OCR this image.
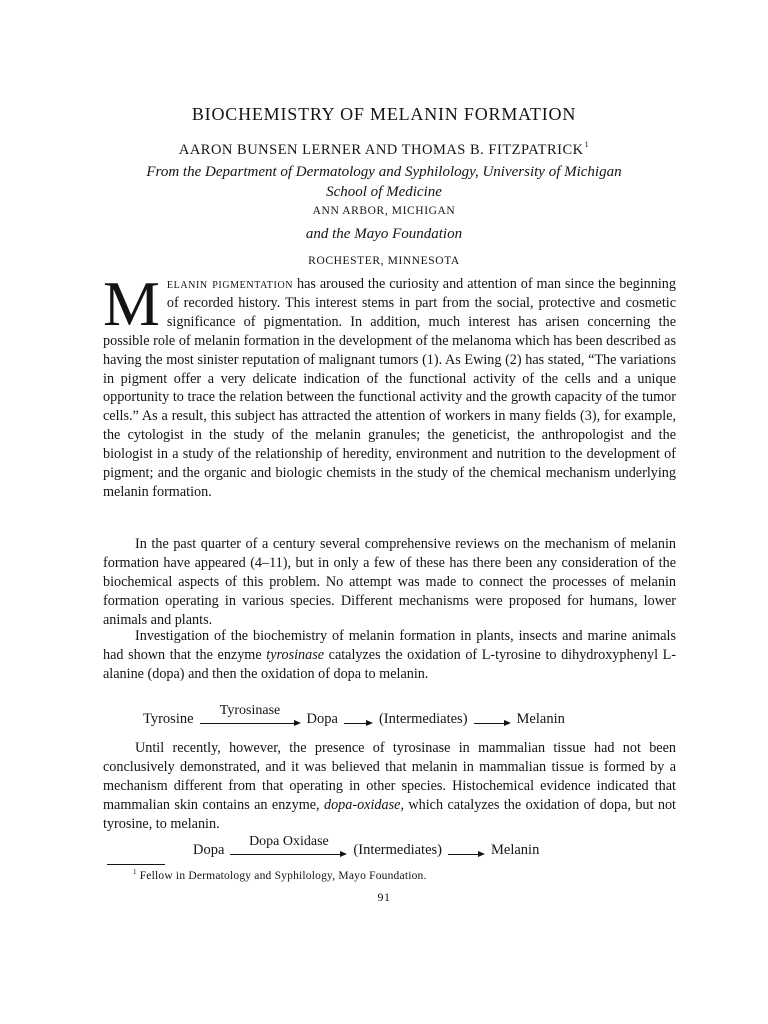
BIOCHEMISTRY OF MELANIN FORMATION
AARON BUNSEN LERNER AND THOMAS B. FITZPATRICK$^1$
From the Department of Dermatology and Syphilology, University of Michigan
School of Medicine
ANN ARBOR, MICHIGAN
and the Mayo Foundation
ROCHESTER, MINNESOTA
Melanin pigmentation has aroused the curiosity and attention of man since the beginning of recorded history. This interest stems in part from the social, protective and cosmetic significance of pigmentation. In addition, much interest has arisen concerning the possible role of melanin formation in the development of the melanoma which has been described as having the most sinister reputation of malignant tumors (1). As Ewing (2) has stated, “The variations in pigment offer a very delicate indication of the functional activity of the cells and a unique opportunity to trace the relation between the functional activity and the growth capacity of the tumor cells.” As a result, this subject has attracted the attention of workers in many fields (3), for example, the cytologist in the study of the melanin granules; the geneticist, the anthropologist and the biologist in a study of the relationship of heredity, environment and nutrition to the development of pigment; and the organic and biologic chemists in the study of the chemical mechanism underlying melanin formation.
In the past quarter of a century several comprehensive reviews on the mechanism of melanin formation have appeared (4–11), but in only a few of these has there been any consideration of the biochemical aspects of this problem. No attempt was made to connect the processes of melanin formation operating in various species. Different mechanisms were proposed for humans, lower animals and plants.
Investigation of the biochemistry of melanin formation in plants, insects and marine animals had shown that the enzyme tyrosinase catalyzes the oxidation of L-tyrosine to dihydroxyphenyl L-alanine (dopa) and then the oxidation of dopa to melanin.
Tyrosine
Tyrosinase
Dopa	(Intermediates)	Melanin
Until recently, however, the presence of tyrosinase in mammalian tissue had not been conclusively demonstrated, and it was believed that melanin in mammalian tissue is formed by a mechanism different from that operating in other species. Histochemical evidence indicated that mammalian skin contains an enzyme, dopa-oxidase, which catalyzes the oxidation of dopa, but not tyrosine, to melanin.
Dopa
Dopa Oxidase
(Intermediates)	Melanin
$^1$ Fellow in Dermatology and Syphilology, Mayo Foundation.
91
